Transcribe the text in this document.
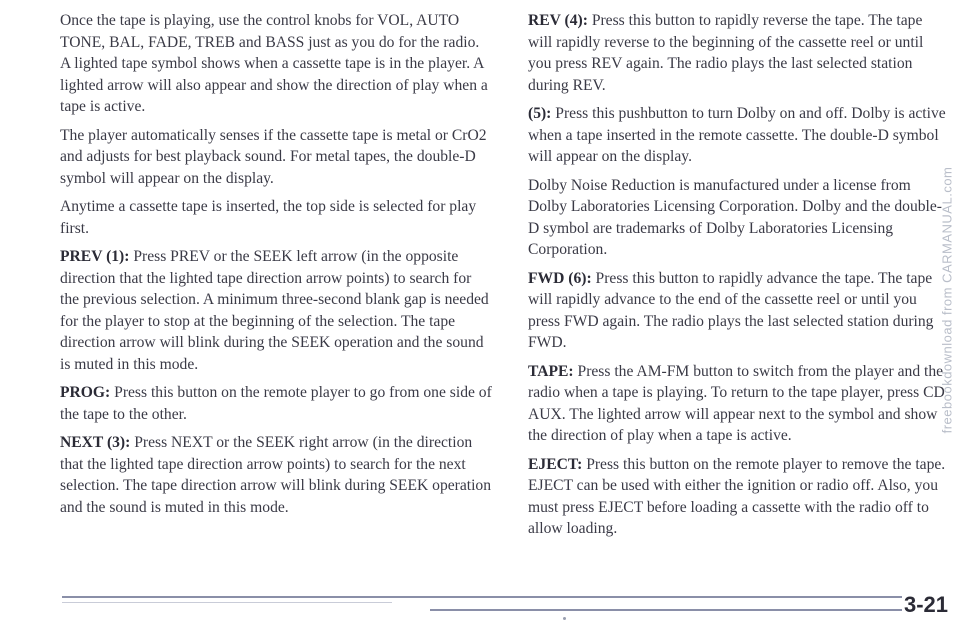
Once the tape is playing, use the control knobs for VOL, AUTO TONE, BAL, FADE, TREB and BASS just as you do for the radio. A lighted tape symbol shows when a cassette tape is in the player. A lighted arrow will also appear and show the direction of play when a tape is active.

The player automatically senses if the cassette tape is metal or CrO2 and adjusts for best playback sound. For metal tapes, the double-D symbol will appear on the display.

Anytime a cassette tape is inserted, the top side is selected for play first.

PREV (1): Press PREV or the SEEK left arrow (in the opposite direction that the lighted tape direction arrow points) to search for the previous selection. A minimum three-second blank gap is needed for the player to stop at the beginning of the selection. The tape direction arrow will blink during the SEEK operation and the sound is muted in this mode.

PROG: Press this button on the remote player to go from one side of the tape to the other.

NEXT (3): Press NEXT or the SEEK right arrow (in the direction that the lighted tape direction arrow points) to search for the next selection. The tape direction arrow will blink during SEEK operation and the sound is muted in this mode.

REV (4): Press this button to rapidly reverse the tape. The tape will rapidly reverse to the beginning of the cassette reel or until you press REV again. The radio plays the last selected station during REV.

(5): Press this pushbutton to turn Dolby on and off. Dolby is active when a tape inserted in the remote cassette. The double-D symbol will appear on the display.

Dolby Noise Reduction is manufactured under a license from Dolby Laboratories Licensing Corporation. Dolby and the double-D symbol are trademarks of Dolby Laboratories Licensing Corporation.

FWD (6): Press this button to rapidly advance the tape. The tape will rapidly advance to the end of the cassette reel or until you press FWD again. The radio plays the last selected station during FWD.

TAPE: Press the AM-FM button to switch from the player and the radio when a tape is playing. To return to the tape player, press CD AUX. The lighted arrow will appear next to the symbol and show the direction of play when a tape is active.

EJECT: Press this button on the remote player to remove the tape. EJECT can be used with either the ignition or radio off. Also, you must press EJECT before loading a cassette with the radio off to allow loading.

3-21
freebookdownload from CARMANUAL.com
